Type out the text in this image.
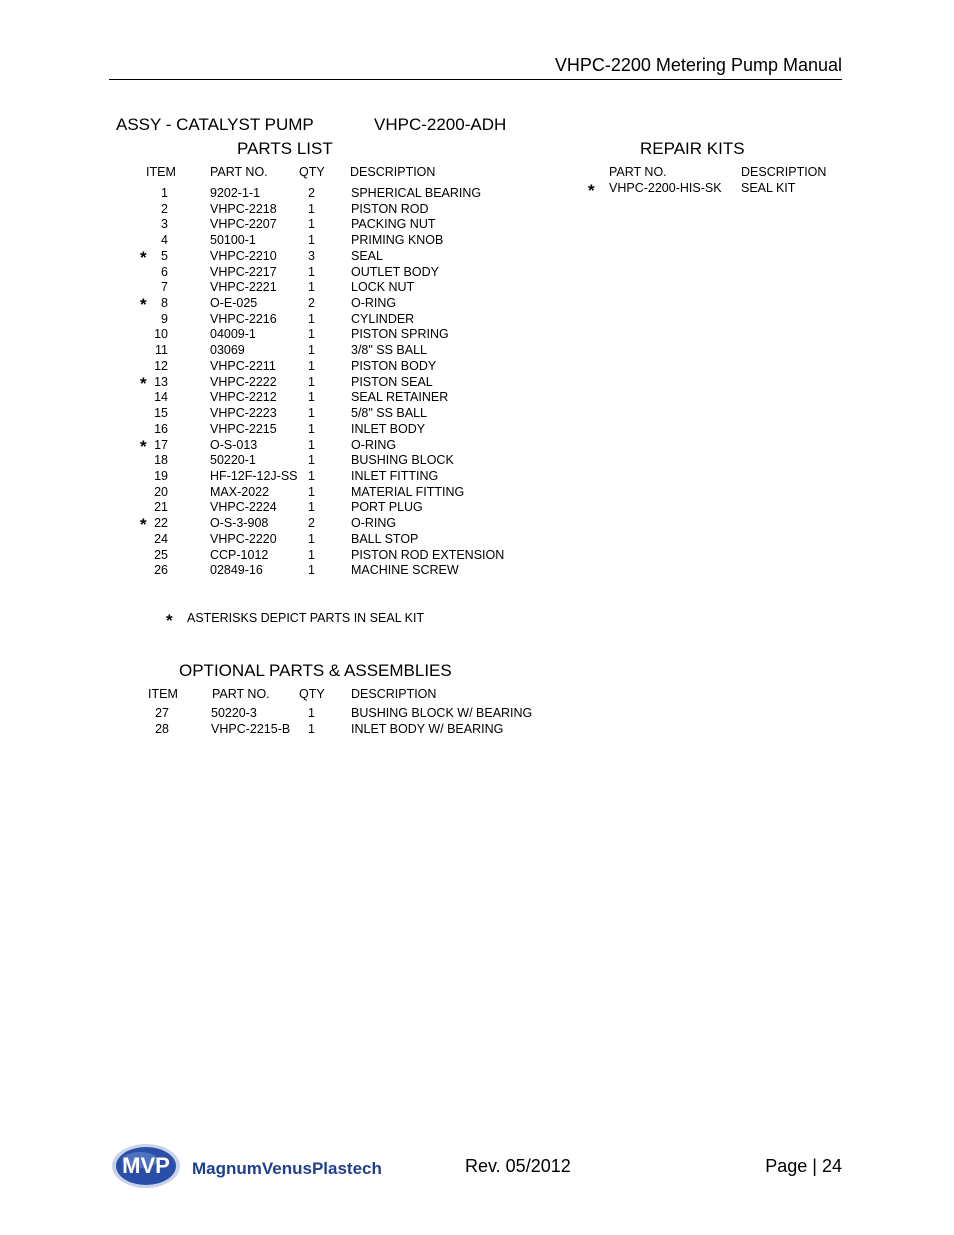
VHPC-2200 Metering Pump Manual
ASSY - CATALYST PUMP	VHPC-2200-ADH
PARTS LIST
ITEM	PART NO.	QTY DESCRIPTION
1	9202-1-1	2	SPHERICAL BEARING
2	VHPC-2218	1	PISTON ROD
3	VHPC-2207	1	PACKING NUT
4	50100-1	1	PRIMING KNOB
*	5	VHPC-2210	3	SEAL
6	VHPC-2217	1	OUTLET BODY
7	VHPC-2221	1	LOCK NUT
*	8	O-E-025	2	O-RING
9	VHPC-2216	1	CYLINDER
10	04009-1	1	PISTON SPRING
11	03069	1	3/8" SS BALL
12	VHPC-2211	1	PISTON BODY
* 13	VHPC-2222	1	PISTON SEAL
14	VHPC-2212	1	SEAL RETAINER
15	VHPC-2223	1	5/8" SS BALL
16	VHPC-2215	1	INLET BODY
* 17	O-S-013	1	O-RING
18	50220-1	1	BUSHING BLOCK
19	HF-12F-12J-SS 1	INLET FITTING
20	MAX-2022	1	MATERIAL FITTING
21	VHPC-2224	1	PORT PLUG
* 22	O-S-3-908	2	O-RING
24	VHPC-2220	1	BALL STOP
25	CCP-1012	1	PISTON ROD EXTENSION
26	02849-16	1	MACHINE SCREW
REPAIR KITS
PART NO.	DESCRIPTION
* VHPC-2200-HIS-SK SEAL KIT
* ASTERISKS DEPICT PARTS IN SEAL KIT
OPTIONAL PARTS & ASSEMBLIES
ITEM	PART NO. QTY DESCRIPTION
27	50220-3	1	BUSHING BLOCK W/ BEARING
28	VHPC-2215-B 1	INLET BODY W/ BEARING
MVP MagnumVenusPlastech	Rev. 05/2012	Page | 24
